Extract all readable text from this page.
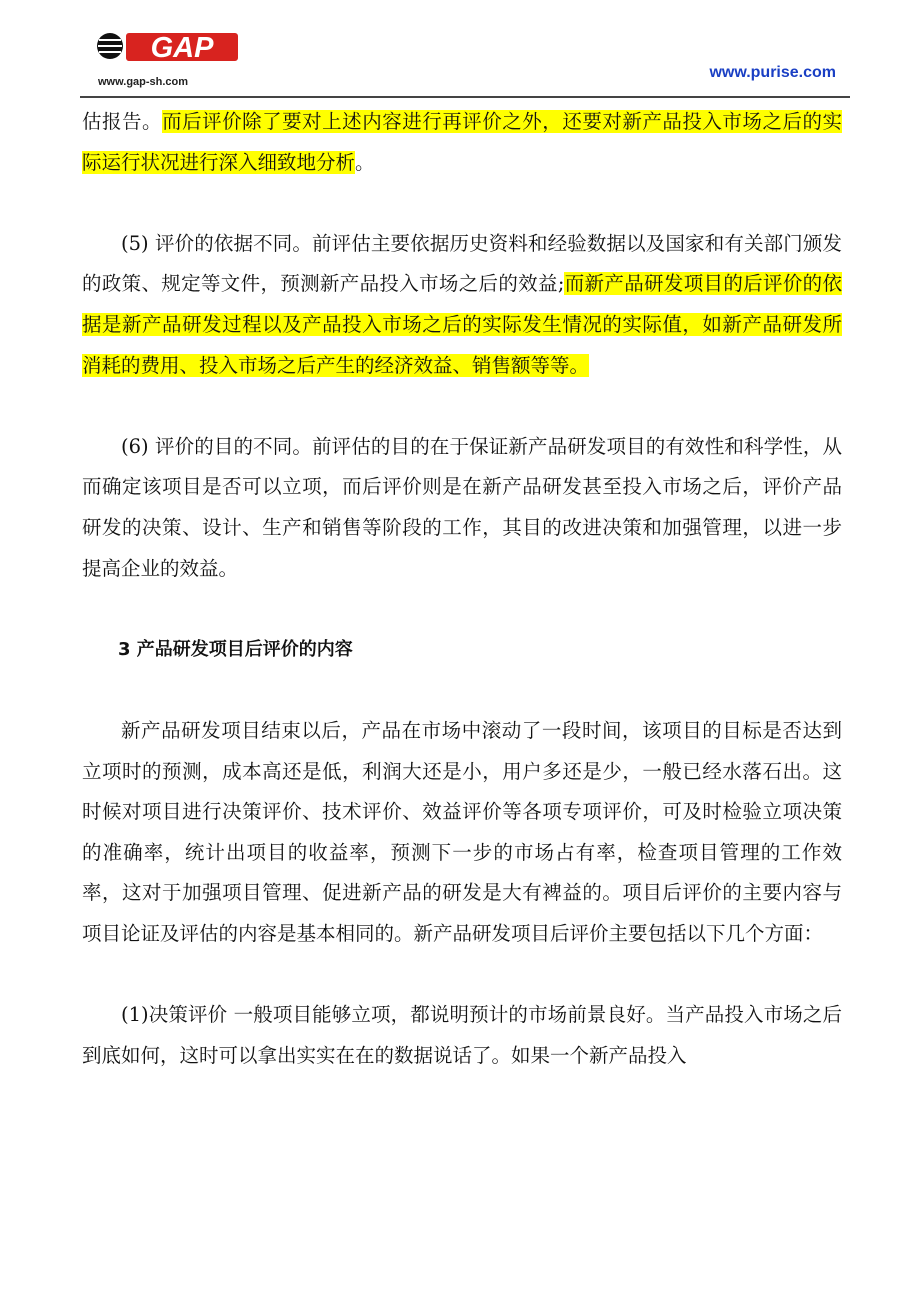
GAP
www.gap-sh.com
www.purise.com

估报告。而后评价除了要对上述内容进行再评价之外，还要对新产品投入市场之后的实际运行状况进行深入细致地分析。

(5) 评价的依据不同。前评估主要依据历史资料和经验数据以及国家和有关部门颁发的政策、规定等文件，预测新产品投入市场之后的效益;而新产品研发项目的后评价的依据是新产品研发过程以及产品投入市场之后的实际发生情况的实际值，如新产品研发所消耗的费用、投入市场之后产生的经济效益、销售额等等。

(6) 评价的目的不同。前评估的目的在于保证新产品研发项目的有效性和科学性，从而确定该项目是否可以立项，而后评价则是在新产品研发甚至投入市场之后，评价产品研发的决策、设计、生产和销售等阶段的工作，其目的改进决策和加强管理，以进一步提高企业的效益。

3 产品研发项目后评价的内容

新产品研发项目结束以后，产品在市场中滚动了一段时间，该项目的目标是否达到立项时的预测，成本高还是低，利润大还是小，用户多还是少，一般已经水落石出。这时候对项目进行决策评价、技术评价、效益评价等各项专项评价，可及时检验立项决策的准确率，统计出项目的收益率，预测下一步的市场占有率，检查项目管理的工作效率，这对于加强项目管理、促进新产品的研发是大有裨益的。项目后评价的主要内容与项目论证及评估的内容是基本相同的。新产品研发项目后评价主要包括以下几个方面：

(1)决策评价 一般项目能够立项，都说明预计的市场前景良好。当产品投入市场之后到底如何，这时可以拿出实实在在的数据说话了。如果一个新产品投入
